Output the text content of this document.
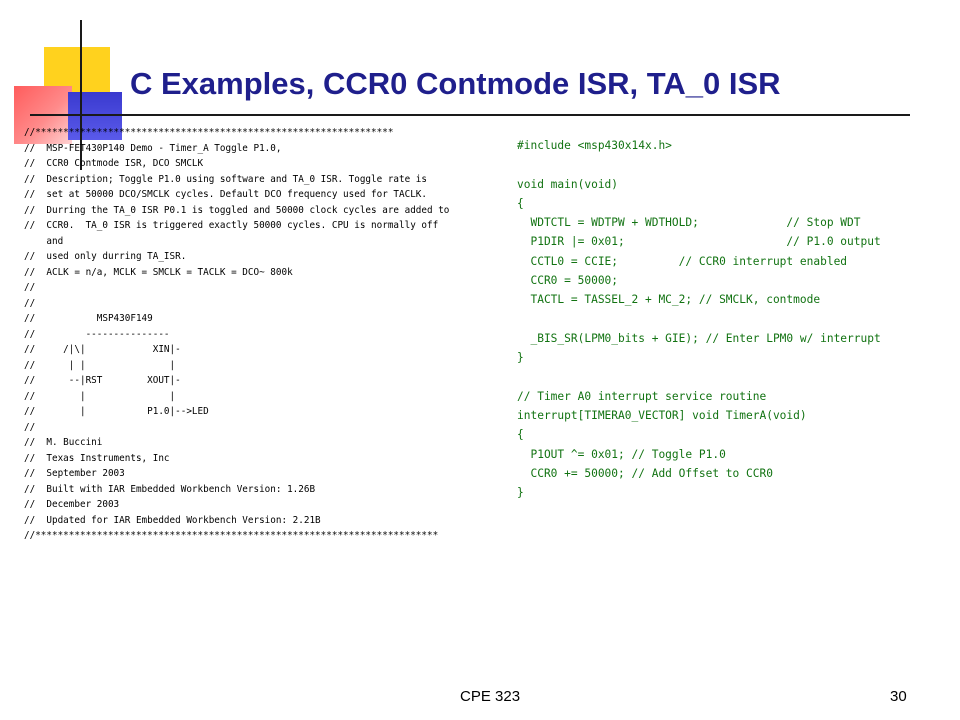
C Examples, CCR0 Contmode ISR, TA_0 ISR
//****************************************************************
//  MSP-FET430P140 Demo - Timer_A Toggle P1.0,
//  CCR0 Contmode ISR, DCO SMCLK
//  Description; Toggle P1.0 using software and TA_0 ISR. Toggle rate is
//  set at 50000 DCO/SMCLK cycles. Default DCO frequency used for TACLK.
//  Durring the TA_0 ISR P0.1 is toggled and 50000 clock cycles are added to
//  CCR0.  TA_0 ISR is triggered exactly 50000 cycles. CPU is normally off
and
//  used only durring TA_ISR.
//  ACLK = n/a, MCLK = SMCLK = TACLK = DCO~ 800k
//
//
//           MSP430F149
//         ---------------
//     /|\|            XIN|-
//      | |               |
//      --|RST        XOUT|-
//        |               |
//        |           P1.0|-->LED
//
//  M. Buccini
//  Texas Instruments, Inc
//  September 2003
//  Built with IAR Embedded Workbench Version: 1.26B
//  December 2003
//  Updated for IAR Embedded Workbench Version: 2.21B
//************************************************************************
#include <msp430x14x.h>
void main(void)
{
WDTCTL = WDTPW + WDTHOLD;             // Stop WDT
P1DIR |= 0x01;                        // P1.0 output
CCTL0 = CCIE;         // CCR0 interrupt enabled
CCR0 = 50000;
TACTL = TASSEL_2 + MC_2; // SMCLK, contmode
_BIS_SR(LPM0_bits + GIE); // Enter LPM0 w/ interrupt
}
// Timer A0 interrupt service routine
interrupt[TIMERA0_VECTOR] void TimerA(void)
{
P1OUT ^= 0x01; // Toggle P1.0
CCR0 += 50000; // Add Offset to CCR0
}
CPE 323	30
